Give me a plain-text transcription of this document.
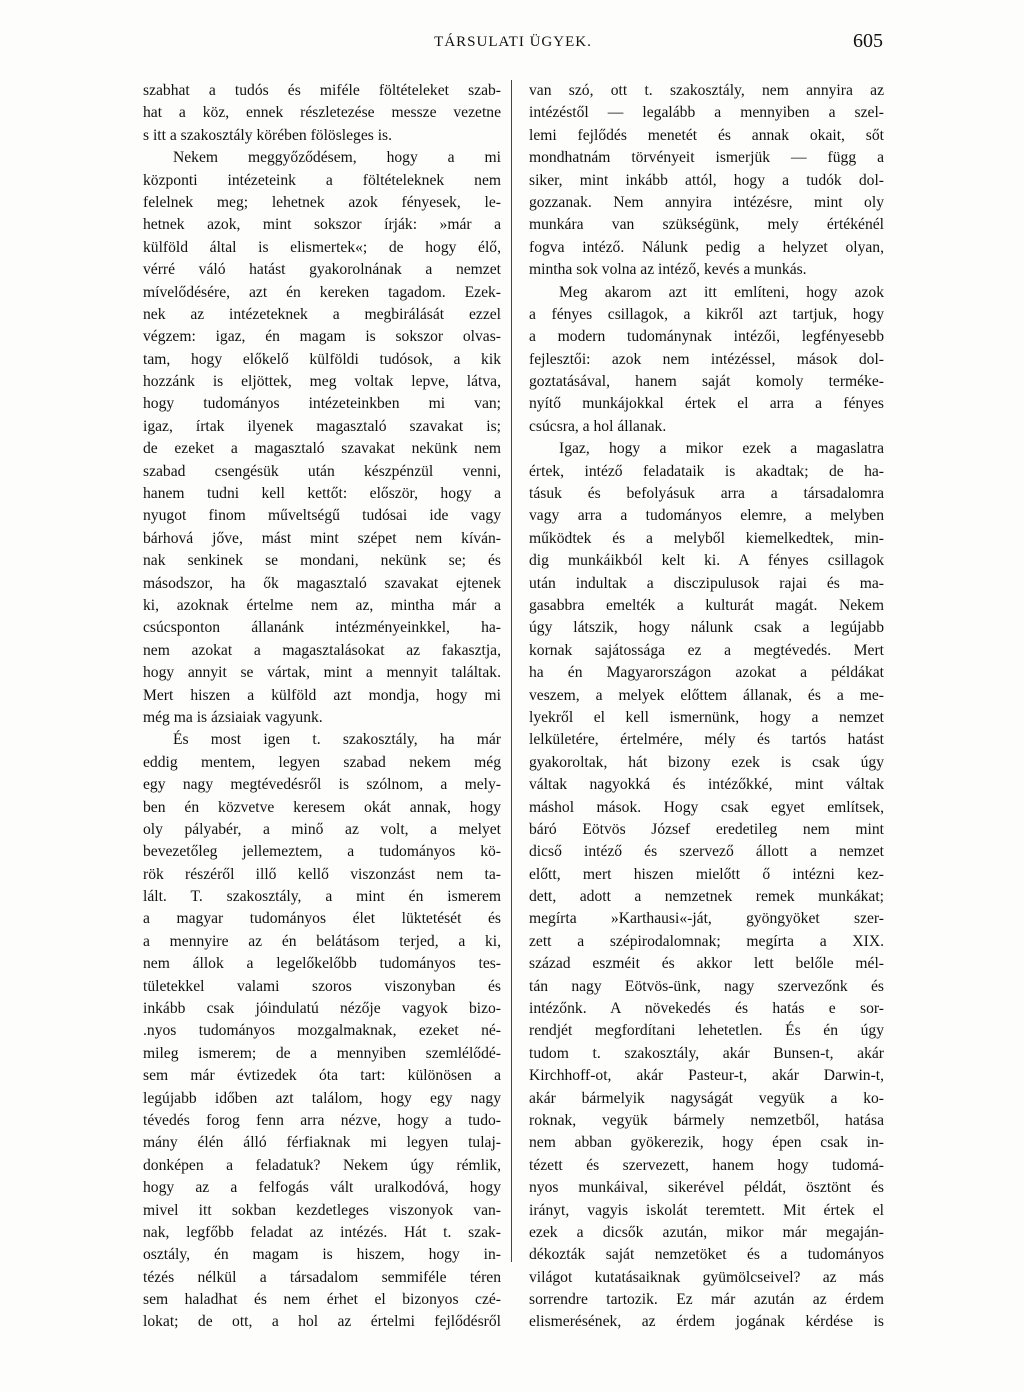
TÁRSULATI ÜGYEK.	605
szabhat a tudós és miféle föltételeket szab-
hat a köz, ennek részletezése messze vezetne
s itt a szakosztály körében fölösleges is.
Nekem meggyőződésem, hogy a mi
központi intézeteink a föltételeknek nem
felelnek meg; lehetnek azok fényesek, le-
hetnek azok, mint sokszor írják: »már a
külföld által is elismertek«; de hogy élő,
vérré váló hatást gyakorolnának a nemzet
mívelődésére, azt én kereken tagadom. Ezek-
nek az intézeteknek a megbirálását ezzel
végzem: igaz, én magam is sokszor olvas-
tam, hogy előkelő külföldi tudósok, a kik
hozzánk is eljöttek, meg voltak lepve, látva,
hogy tudományos intézeteinkben mi van;
igaz, írtak ilyenek magasztaló szavakat is;
de ezeket a magasztaló szavakat nekünk nem
szabad csengésük után készpénzül venni,
hanem tudni kell kettőt: először, hogy a
nyugot finom műveltségű tudósai ide vagy
bárhová jőve, mást mint szépet nem kíván-
nak senkinek se mondani, nekünk se; és
másodszor, ha ők magasztaló szavakat ejtenek
ki, azoknak értelme nem az, mintha már a
csúcsponton állanánk intézményeinkkel, ha-
nem azokat a magasztalásokat az fakasztja,
hogy annyit se vártak, mint a mennyit találtak.
Mert hiszen a külföld azt mondja, hogy mi
még ma is ázsiaiak vagyunk.
És most igen t. szakosztály, ha már
eddig mentem, legyen szabad nekem még
egy nagy megtévedésről is szólnom, a mely-
ben én közvetve keresem okát annak, hogy
oly pályabér, a minő az volt, a melyet
bevezetőleg jellemeztem, a tudományos kö-
rök részéről illő kellő viszonzást nem ta-
lált. T. szakosztály, a mint én ismerem
a magyar tudományos élet lüktetését és
a mennyire az én belátásom terjed, a ki,
nem állok a legelőkelőbb tudományos tes-
tületekkel valami szoros viszonyban és
inkább csak jóindulatú nézője vagyok bizo-
.nyos tudományos mozgalmaknak, ezeket né-
mileg ismerem; de a mennyiben szemlélődé-
sem már évtizedek óta tart: különösen a
legújabb időben azt találom, hogy egy nagy
tévedés forog fenn arra nézve, hogy a tudo-
mány élén álló férfiaknak mi legyen tulaj-
donképen a feladatuk? Nekem úgy rémlik,
hogy az a felfogás vált uralkodóvá, hogy
mivel itt sokban kezdetleges viszonyok van-
nak, legfőbb feladat az intézés. Hát t. szak-
osztály, én magam is hiszem, hogy in-
tézés nélkül a társadalom semmiféle téren
sem haladhat és nem érhet el bizonyos czé-
lokat; de ott, a hol az értelmi fejlődésről
van szó, ott t. szakosztály, nem annyira az
intézéstől — legalább a mennyiben a szel-
lemi fejlődés menetét és annak okait, sőt
mondhatnám törvényeit ismerjük — függ a
siker, mint inkább attól, hogy a tudók dol-
gozzanak. Nem annyira intézésre, mint oly
munkára van szükségünk, mely értékénél
fogva intéző. Nálunk pedig a helyzet olyan,
mintha sok volna az intéző, kevés a munkás.
Meg akarom azt itt említeni, hogy azok
a fényes csillagok, a kikről azt tartjuk, hogy
a modern tudománynak intézői, legfényesebb
fejlesztői: azok nem intézéssel, mások dol-
goztatásával, hanem saját komoly terméke-
nyítő munkájokkal értek el arra a fényes
csúcsra, a hol állanak.
Igaz, hogy a mikor ezek a magaslatra
értek, intéző feladataik is akadtak; de ha-
tásuk és befolyásuk arra a társadalomra
vagy arra a tudományos elemre, a melyben
működtek és a melyből kiemelkedtek, min-
dig munkáikból kelt ki. A fényes csillagok
után indultak a disczipulusok rajai és ma-
gasabbra emelték a kulturát magát. Nekem
úgy látszik, hogy nálunk csak a legújabb
kornak sajátossága ez a megtévedés. Mert
ha én Magyarországon azokat a példákat
veszem, a melyek előttem állanak, és a me-
lyekről el kell ismernünk, hogy a nemzet
lelkületére, értelmére, mély és tartós hatást
gyakoroltak, hát bizony ezek is csak úgy
váltak nagyokká és intézőkké, mint váltak
máshol mások. Hogy csak egyet említsek,
báró Eötvös József eredetileg nem mint
dicső intéző és szervező állott a nemzet
előtt, mert hiszen mielőtt ő intézni kez-
dett, adott a nemzetnek remek munkákat;
megírta »Karthausi«-ját, gyöngyöket szer-
zett a szépirodalomnak; megírta a XIX.
század eszméit és akkor lett belőle mél-
tán nagy Eötvös-ünk, nagy szervezőnk és
intézőnk. A növekedés és hatás e sor-
rendjét megfordítani lehetetlen. És én úgy
tudom t. szakosztály, akár Bunsen-t, akár
Kirchhoff-ot, akár Pasteur-t, akár Darwin-t,
akár bármelyik nagyságát vegyük a ko-
roknak, vegyük bármely nemzetből, hatása
nem abban gyökerezik, hogy épen csak in-
tézett és szervezett, hanem hogy tudomá-
nyos munkáival, sikerével példát, ösztönt és
irányt, vagyis iskolát teremtett. Mit értek el
ezek a dicsők azután, mikor már megaján-
dékozták saját nemzetöket és a tudományos
világot kutatásaiknak gyümölcseivel? az más
sorrendre tartozik. Ez már azután az érdem
elismerésének, az érdem jogának kérdése is
